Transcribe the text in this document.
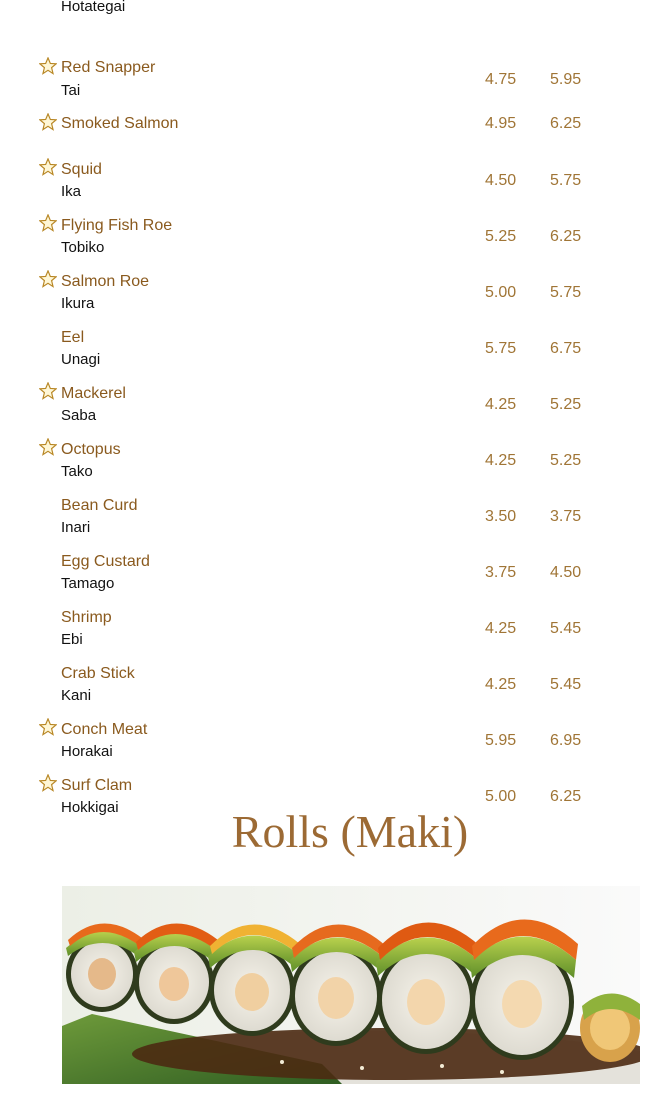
Hotategai
Red Snapper
Tai
4.75 5.95
Smoked Salmon	4.95 6.25
Squid
Ika
4.50 5.75
Flying Fish Roe
Tobiko
5.25 6.25
Salmon Roe
Ikura
5.00 5.75
Eel
Unagi
5.75 6.75
Mackerel
Saba
4.25 5.25
Octopus
Tako
4.25 5.25
Bean Curd
Inari
3.50 3.75
Egg Custard
Tamago
3.75 4.50
Shrimp
Ebi
4.25 5.45
Crab Stick
Kani
4.25 5.45
Conch Meat
Horakai
5.95 6.95
Surf Clam
Hokkigai
5.00 6.25
Rolls (Maki)
